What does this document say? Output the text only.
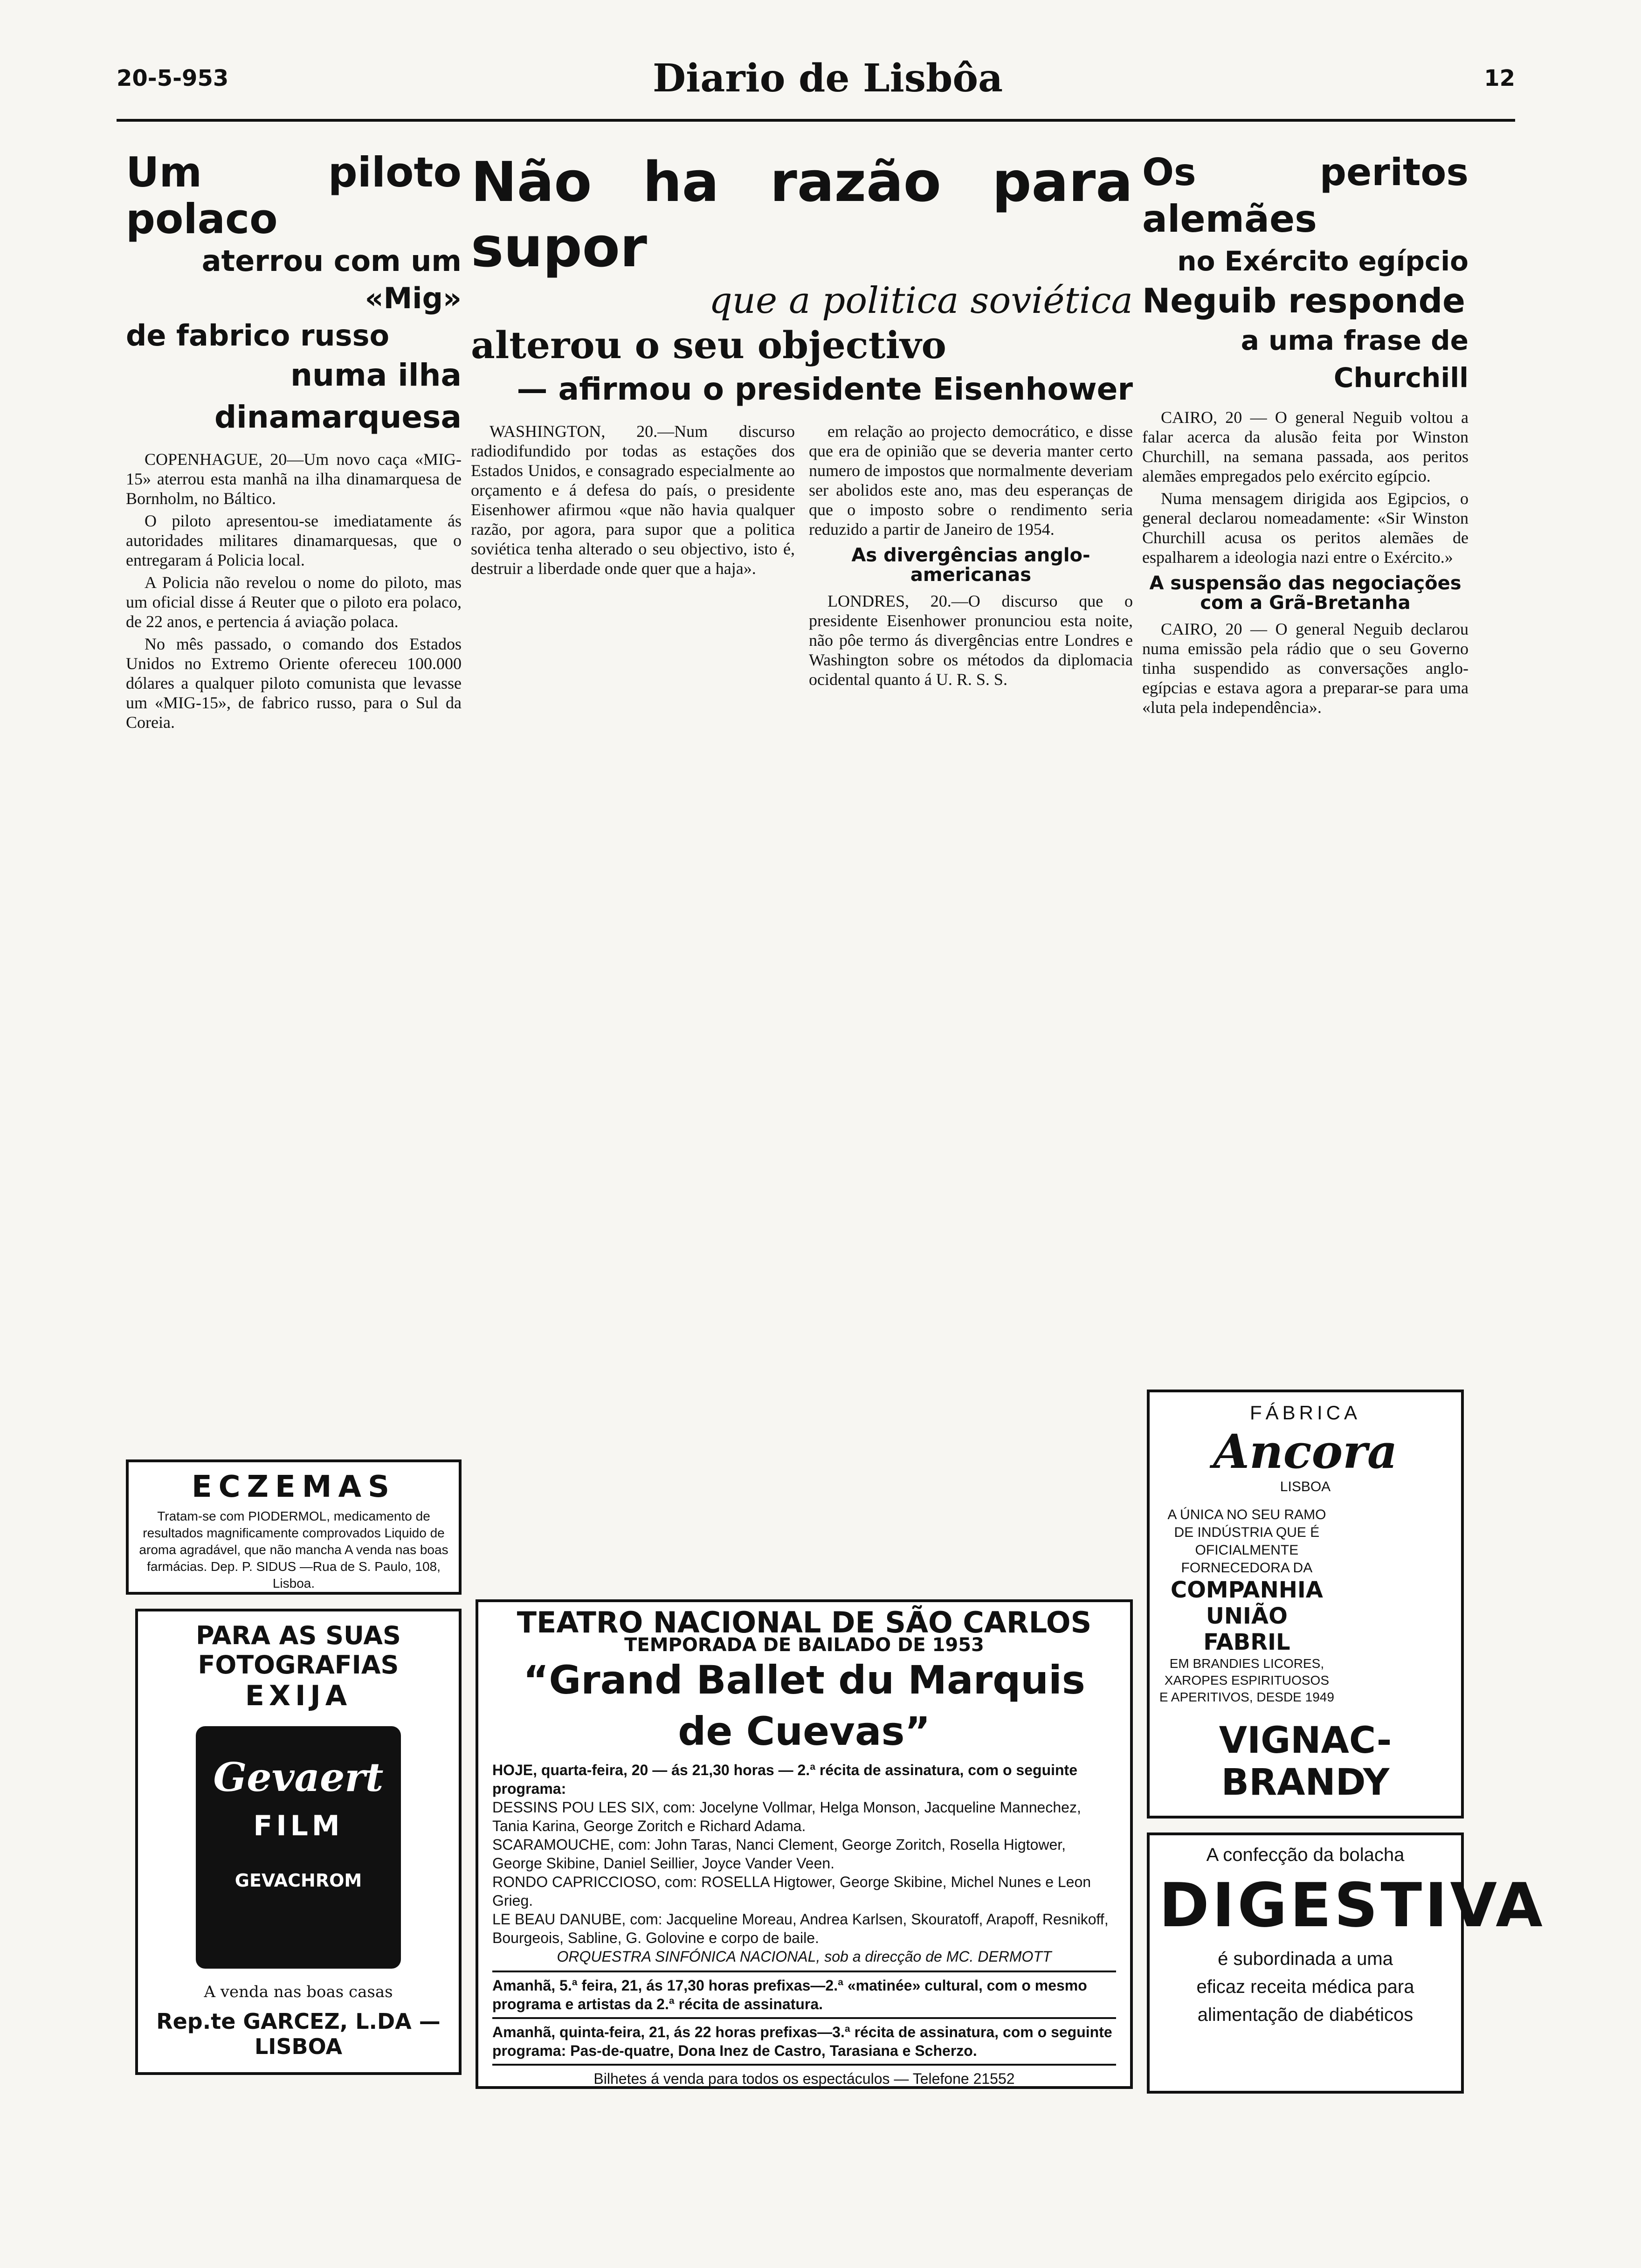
20-5-953	Diario de Lisbôa	12
Um piloto polaco
aterrou com um «Mig»
de fabrico russo
numa ilha dinamarquesa

COPENHAGUE, 20—Um novo caça «MIG-15» aterrou esta manhã na ilha dinamarquesa de Bornholm, no Báltico.

O piloto apresentou-se imediatamente ás autoridades militares dinamarquesas, que o entregaram á Policia local.

A Policia não revelou o nome do piloto, mas um oficial disse á Reuter que o piloto era polaco, de 22 anos, e pertencia á aviação polaca.

No mês passado, o comando dos Estados Unidos no Extremo Oriente ofereceu 100.000 dólares a qualquer piloto comunista que levasse um «MIG-15», de fabrico russo, para o Sul da Coreia.

ECZEMAS
Tratam-se com PIODERMOL, medicamento de resultados magnificamente comprovados Liquido de aroma agradável, que não mancha A venda nas boas farmácias. Dep. P. SIDUS —Rua de S. Paulo, 108, Lisboa.
PARA AS SUAS FOTOGRAFIAS
EXIJA
Gevaert
FILM
GEVACHROM
A venda nas boas casas
Rep.te GARCEZ, L.DA — LISBOA
Não ha razão para supor
que a politica soviética
alterou o seu objectivo
— afirmou o presidente Eisenhower

WASHINGTON, 20.—Num discurso radiodifundido por todas as estações dos Estados Unidos, e consagrado especialmente ao orçamento e á defesa do país, o presidente Eisenhower afirmou «que não havia qualquer razão, por agora, para supor que a politica soviética tenha alterado o seu objectivo, isto é, destruir a liberdade onde quer que a haja».

em relação ao projecto democrático, e disse que era de opinião que se deveria manter certo numero de impostos que normalmente deveriam ser abolidos este ano, mas deu esperanças de que o imposto sobre o rendimento seria reduzido a partir de Janeiro de 1954.

As divergências anglo-americanas

LONDRES, 20.—O discurso que o presidente Eisenhower pronunciou esta noite, não pôe termo ás divergências entre Londres e Washington sobre os métodos da diplomacia ocidental quanto á U. R. S. S.

TEATRO NACIONAL DE SÃO CARLOS
TEMPORADA DE BAILADO DE 1953
“Grand Ballet du Marquis de Cuevas”
HOJE, quarta-feira, 20 — ás 21,30 horas — 2.ª récita de assinatura, com o seguinte programa:
DESSINS POU LES SIX, com: Jocelyne Vollmar, Helga Monson, Jacqueline Mannechez, Tania Karina, George Zoritch e Richard Adama.
SCARAMOUCHE, com: John Taras, Nanci Clement, George Zoritch, Rosella Higtower, George Skibine, Daniel Seillier, Joyce Vander Veen.
RONDO CAPRICCIOSO, com: ROSELLA Higtower, George Skibine, Michel Nunes e Leon Grieg.
LE BEAU DANUBE, com: Jacqueline Moreau, Andrea Karlsen, Skouratoff, Arapoff, Resnikoff, Bourgeois, Sabline, G. Golovine e corpo de baile.
ORQUESTRA SINFÓNICA NACIONAL, sob a direcção de MC. DERMOTT
Amanhã, 5.ª feira, 21, ás 17,30 horas prefixas—2.ª «matinée» cultural, com o mesmo programa e artistas da 2.ª récita de assinatura.
Amanhã, quinta-feira, 21, ás 22 horas prefixas—3.ª récita de assinatura, com o seguinte programa: Pas-de-quatre, Dona Inez de Castro, Tarasiana e Scherzo.
Bilhetes á venda para todos os espectáculos — Telefone 21552
Os peritos alemães
no Exército egípcio
Neguib responde
a uma frase de Churchill

CAIRO, 20 — O general Neguib voltou a falar acerca da alusão feita por Winston Churchill, na semana passada, aos peritos alemães empregados pelo exército egípcio.

Numa mensagem dirigida aos Egipcios, o general declarou nomeadamente: «Sir Winston Churchill acusa os peritos alemães de espalharem a ideologia nazi entre o Exército.»

A suspensão das negociações com a Grã-Bretanha

CAIRO, 20 — O general Neguib declarou numa emissão pela rádio que o seu Governo tinha suspendido as conversações anglo-egípcias e estava agora a preparar-se para uma «luta pela independência».

FÁBRICA
Ancora
LISBOA
A ÚNICA NO SEU RAMO DE INDÚSTRIA QUE É OFICIALMENTE FORNECEDORA DA
COMPANHIA UNIÃO FABRIL
EM BRANDIES LICORES, XAROPES ESPIRITUOSOS E APERITIVOS, DESDE 1949
VIGNAC-BRANDY
A confecção da bolacha
DIGESTIVA
é subordinada a uma
eficaz receita médica para
alimentação de diabéticos
